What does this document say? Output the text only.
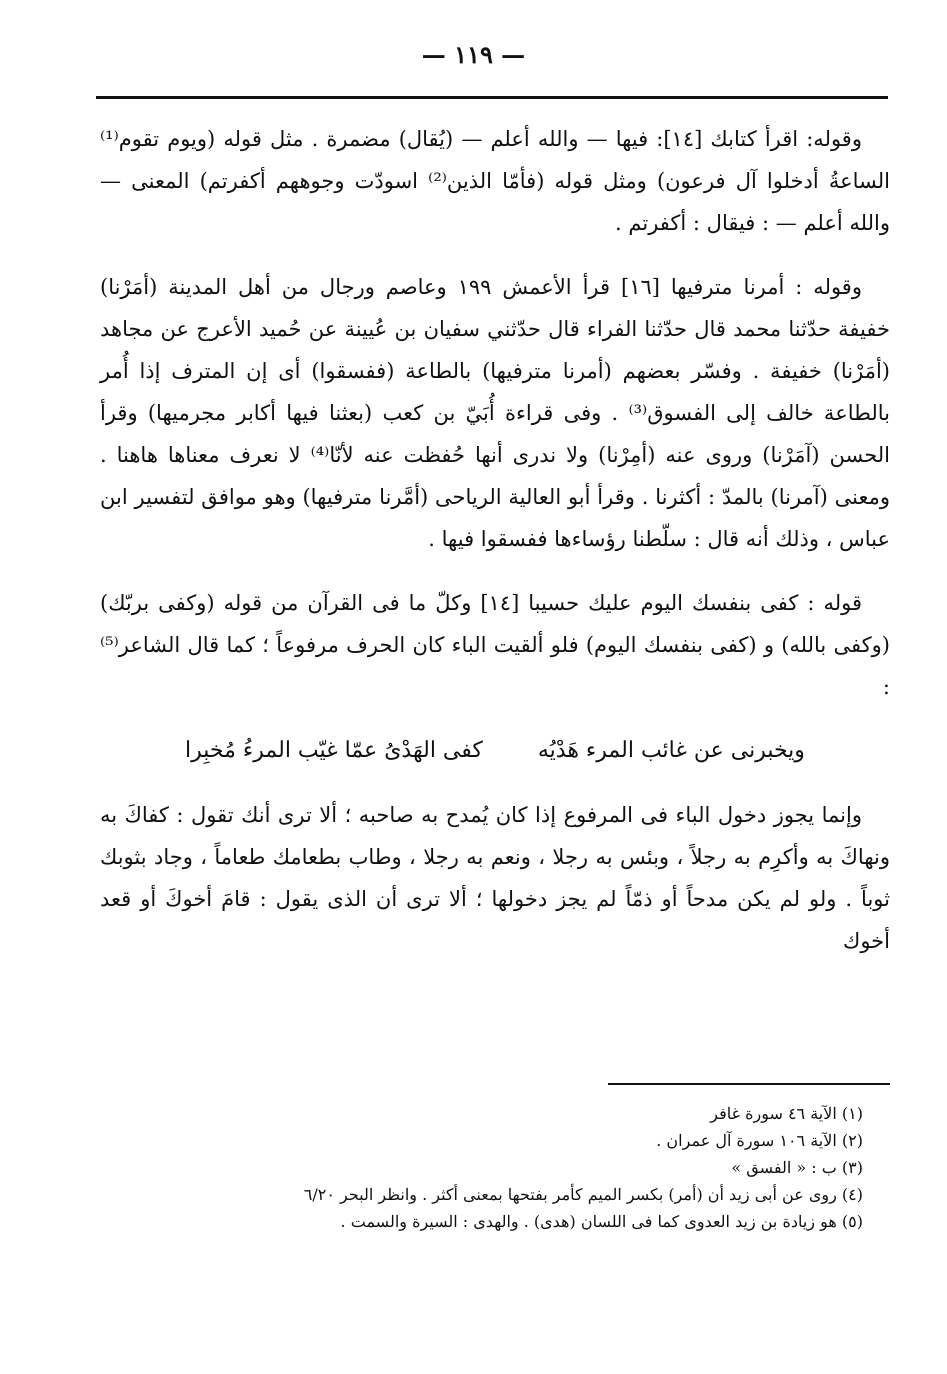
— ١١٩ —

وقوله: اقرأ كتابك [١٤]: فيها — والله أعلم — (يُقال) مضمرة . مثل قوله (ويوم تقوم⁽¹⁾ الساعةُ أدخلوا آل فرعون) ومثل قوله (فأمّا الذين⁽²⁾ اسودّت وجوههم أكفرتم) المعنى — والله أعلم — : فيقال : أكفرتم .

وقوله : أمرنا مترفيها [١٦] قرأ الأعمش ١٩٩ وعاصم ورجال من أهل المدينة (أمَرْنا) خفيفة حدّثنا محمد قال حدّثنا الفراء قال حدّثني سفيان بن عُيينة عن حُميد الأعرج عن مجاهد (أمَرْنا) خفيفة . وفسّر بعضهم (أمرنا مترفيها) بالطاعة (ففسقوا) أى إن المترف إذا أُمر بالطاعة خالف إلى الفسوق⁽³⁾ . وفى قراءة أُبَيّ بن كعب (بعثنا فيها أكابر مجرميها) وقرأ الحسن (آمَرْنا) وروى عنه (أمِرْنا) ولا ندرى أنها حُفظت عنه لأنّا⁽⁴⁾ لا نعرف معناها هاهنا . ومعنى (آمرنا) بالمدّ : أكثرنا . وقرأ أبو العالية الرياحى (أمَّرنا مترفيها) وهو موافق لتفسير ابن عباس ، وذلك أنه قال : سلّطنا رؤساءها ففسقوا فيها .

قوله : كفى بنفسك اليوم عليك حسيبا [١٤] وكلّ ما فى القرآن من قوله (وكفى بربّك) (وكفى بالله) و (كفى بنفسك اليوم) فلو ألقيت الباء كان الحرف مرفوعاً ؛ كما قال الشاعر⁽⁵⁾ :

ويخبرنى عن غائب المرء هَدْيُه كفى الهَدْىُ عمّا غيّب المرءُ مُخبِرا

وإنما يجوز دخول الباء فى المرفوع إذا كان يُمدح به صاحبه ؛ ألا ترى أنك تقول : كفاكَ به ونهاكَ به وأكرِم به رجلاً ، وبئس به رجلا ، ونعم به رجلا ، وطاب بطعامك طعاماً ، وجاد بثوبك ثوباً . ولو لم يكن مدحاً أو ذمّاً لم يجز دخولها ؛ ألا ترى أن الذى يقول : قامَ أخوكَ أو قعد أخوك

(١) الآية ٤٦ سورة غافر
(٢) الآية ١٠٦ سورة آل عمران .
(٣) ب : « الفسق »
(٤) روى عن أبى زيد أن (أمر) بكسر الميم كأمر بفتحها بمعنى أكثر . وانظر البحر ٦/٢٠
(٥) هو زيادة بن زيد العدوى كما فى اللسان (هدى) . والهدى : السيرة والسمت .
